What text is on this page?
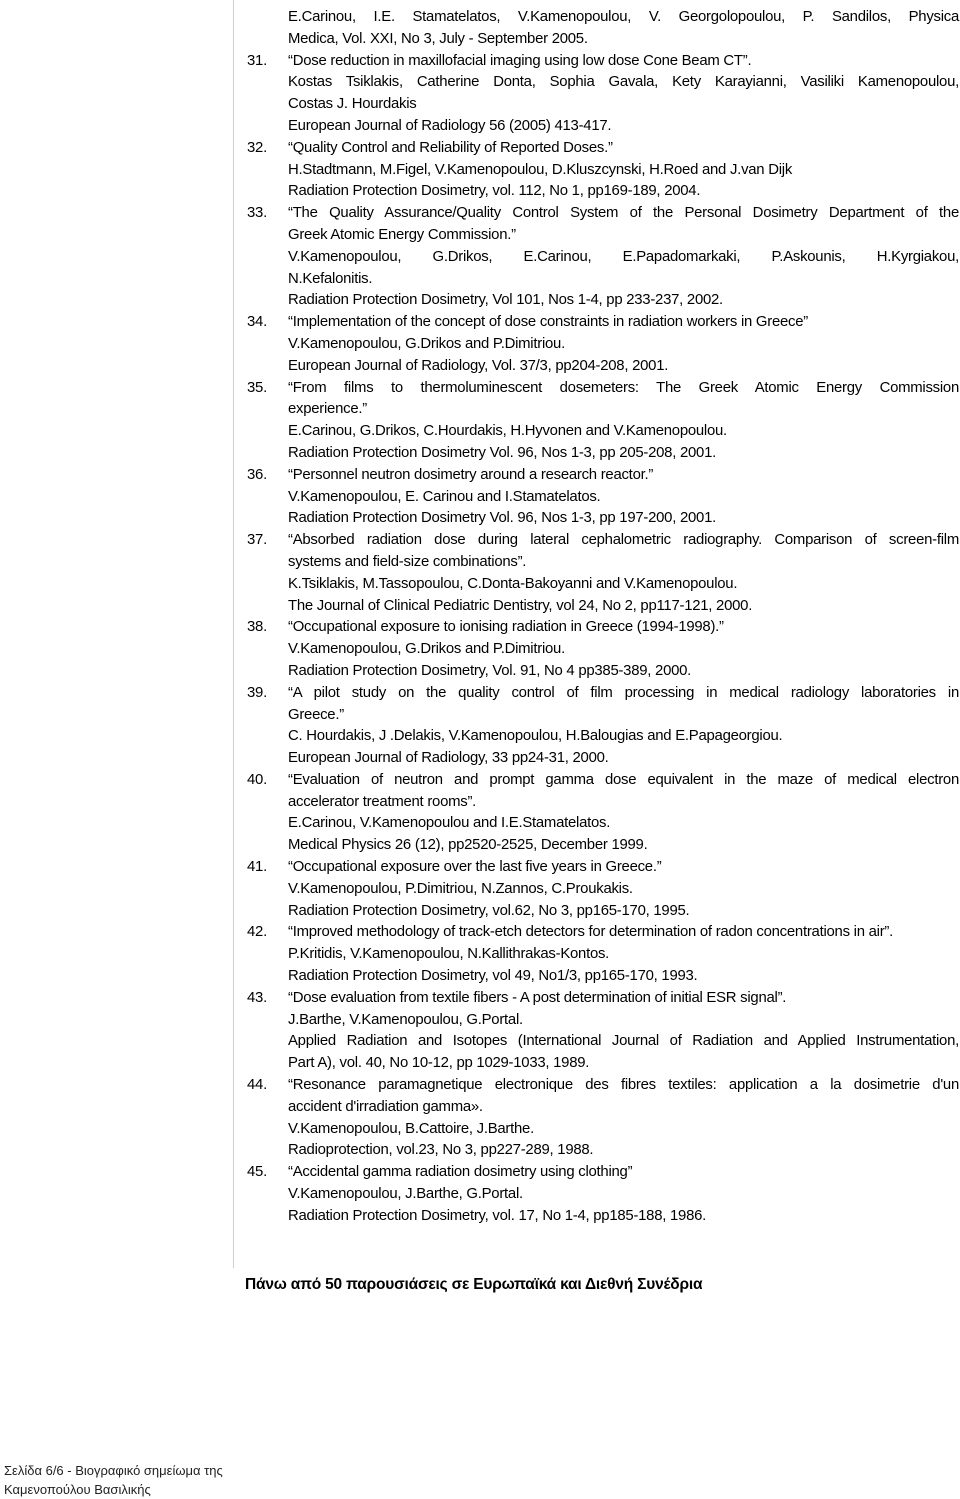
E.Carinou, I.E. Stamatelatos, V.Kamenopoulou, V. Georgolopoulou, P. Sandilos, Physica
Medica, Vol. XXI, No 3, July - September 2005.
31.	“Dose reduction in maxillofacial imaging using low dose Cone Beam CT”.
Kostas Tsiklakis, Catherine Donta, Sophia Gavala, Kety Karayianni, Vasiliki Kamenopoulou,
Costas J. Hourdakis
European Journal of Radiology 56 (2005) 413-417.
32.	“Quality Control and Reliability of Reported Doses.”
H.Stadtmann, M.Figel, V.Kamenopoulou, D.Kluszcynski, H.Roed and J.van Dijk
Radiation Protection Dosimetry, vol. 112, No 1, pp169-189, 2004.
33.	“The Quality Assurance/Quality Control System of the Personal Dosimetry Department of the
Greek Atomic Energy Commission.”
V.Kamenopoulou, G.Drikos, E.Carinou, E.Papadomarkaki, P.Askounis, H.Kyrgiakou,
N.Kefalonitis.
Radiation Protection Dosimetry, Vol 101, Nos 1-4, pp 233-237, 2002.
34.	“Implementation of the concept of dose constraints in radiation workers in Greece”
V.Kamenopoulou, G.Drikos and P.Dimitriou.
European Journal of Radiology, Vol. 37/3, pp204-208, 2001.
35.	“From films to thermoluminescent dosemeters: The Greek Atomic Energy Commission
experience.”
E.Carinou, G.Drikos, C.Hourdakis, H.Hyvonen and V.Kamenopoulou.
Radiation Protection Dosimetry Vol. 96, Nos 1-3, pp 205-208, 2001.
36.	“Personnel neutron dosimetry around a research reactor.”
V.Kamenopoulou, E. Carinou and I.Stamatelatos.
Radiation Protection Dosimetry Vol. 96, Nos 1-3, pp 197-200, 2001.
37.	“Absorbed radiation dose during lateral cephalometric radiography. Comparison of screen-film
systems and field-size combinations”.
K.Tsiklakis, M.Tassopoulou, C.Donta-Bakoyanni and V.Kamenopoulou.
The Journal of Clinical Pediatric Dentistry, vol 24, No 2, pp117-121, 2000.
38.	“Occupational exposure to ionising radiation in Greece (1994-1998).”
V.Kamenopoulou, G.Drikos and P.Dimitriou.
Radiation Protection Dosimetry, Vol. 91, No 4 pp385-389, 2000.
39.	“A pilot study on the quality control of film processing in medical radiology laboratories in
Greece.”
C. Hourdakis, J .Delakis, V.Kamenopoulou, H.Balougias and E.Papageorgiou.
European Journal of Radiology, 33 pp24-31, 2000.
40.	“Evaluation of neutron and prompt gamma dose equivalent in the maze of medical electron
accelerator treatment rooms”.
E.Carinou, V.Kamenopoulou and I.E.Stamatelatos.
Medical Physics 26 (12), pp2520-2525, December 1999.
41.	“Occupational exposure over the last five years in Greece.”
V.Kamenopoulou, P.Dimitriou, N.Zannos, C.Proukakis.
Radiation Protection Dosimetry, vol.62, No 3, pp165-170, 1995.
42.	“Improved methodology of track-etch detectors for determination of radon concentrations in air”.
P.Kritidis, V.Kamenopoulou, N.Kallithrakas-Kontos.
Radiation Protection Dosimetry, vol 49, No1/3, pp165-170, 1993.
43.	“Dose evaluation from textile fibers - A post determination of initial ESR signal”.
J.Barthe, V.Kamenopoulou, G.Portal.
Applied Radiation and Isotopes (International Journal of Radiation and Applied Instrumentation,
Part A), vol. 40, No 10-12, pp 1029-1033, 1989.
44.	“Resonance paramagnetique electronique des fibres textiles: application a la dosimetrie d'un
accident d'irradiation gamma».
V.Kamenopoulou, B.Cattoire, J.Barthe.
Radioprotection, vol.23, No 3, pp227-289, 1988.
45.	“Accidental gamma radiation dosimetry using clothing”
V.Kamenopoulou, J.Barthe, G.Portal.
Radiation Protection Dosimetry, vol. 17, No 1-4, pp185-188, 1986.
Πάνω από 50 παρουσιάσεις σε Ευρωπαϊκά και Διεθνή Συνέδρια
Σελίδα 6/6 - Βιογραφικό σημείωμα της
Καμενοπούλου Βασιλικής
